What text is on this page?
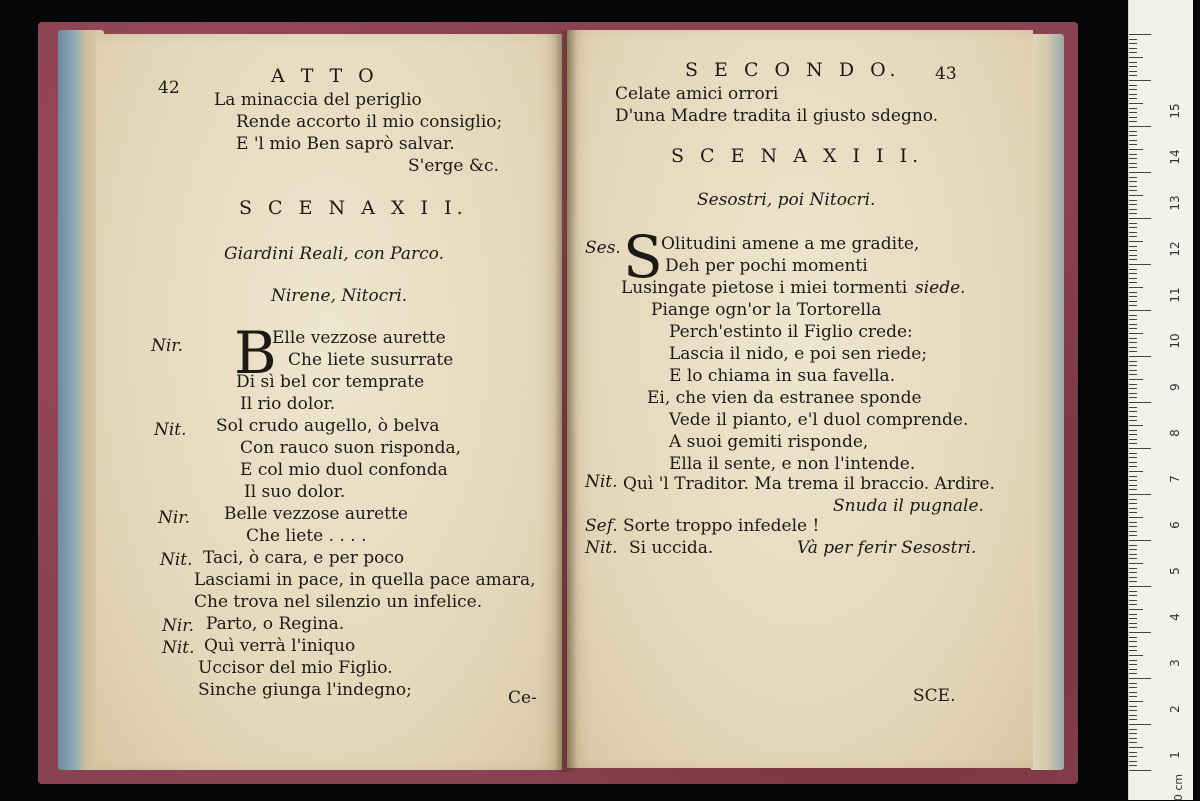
42
A T T O
La minaccia del periglio
Rende accorto il mio consiglio;
E 'l mio Ben saprò salvar.
S'erge &c.
S C E N A X I I.
Giardini Reali, con Parco.
Nirene, Nitocri.
B
Nir.	Elle vezzose aurette
Che liete susurrate
Di sì bel cor temprate
Il rio dolor.
Nit. Sol crudo augello, ò belva
Con rauco suon risponda,
E col mio duol confonda
Il suo dolor.
Nir. Belle vezzose aurette
Che liete . . . .
Nit. Taci, ò cara, e per poco
Lasciami in pace, in quella pace amara,
Che trova nel silenzio un infelice.
Nir. Parto, o Regina.
Nit. Quì verrà l'iniquo
Uccisor del mio Figlio.
Sinche giunga l'indegno;	Ce-
S E C O N D O. 43
Celate amici orrori
D'una Madre tradita il giusto sdegno.
S C E N A X I I I.
Sesostri, poi Nitocri.
Ses. S
Olitudini amene a me gradite,
Deh per pochi momenti
Lusingate pietose i miei tormenti siede.
Piange ogn'or la Tortorella
Perch'estinto il Figlio crede:
Lascia il nido, e poi sen riede;
E lo chiama in sua favella.
Ei, che vien da estranee sponde
Vede il pianto, e'l duol comprende.
A suoi gemiti risponde,
Ella il sente, e non l'intende.
Nit. Quì 'l Traditor. Ma trema il braccio. Ardire.
Snuda il pugnale.
Sef. Sorte troppo infedele !
Nit. Si uccida.	Và per ferir Sesostri.
SCE.
1
2
3
4
5
6
7
8
9
10
11
12
13
14
15
0 cm
